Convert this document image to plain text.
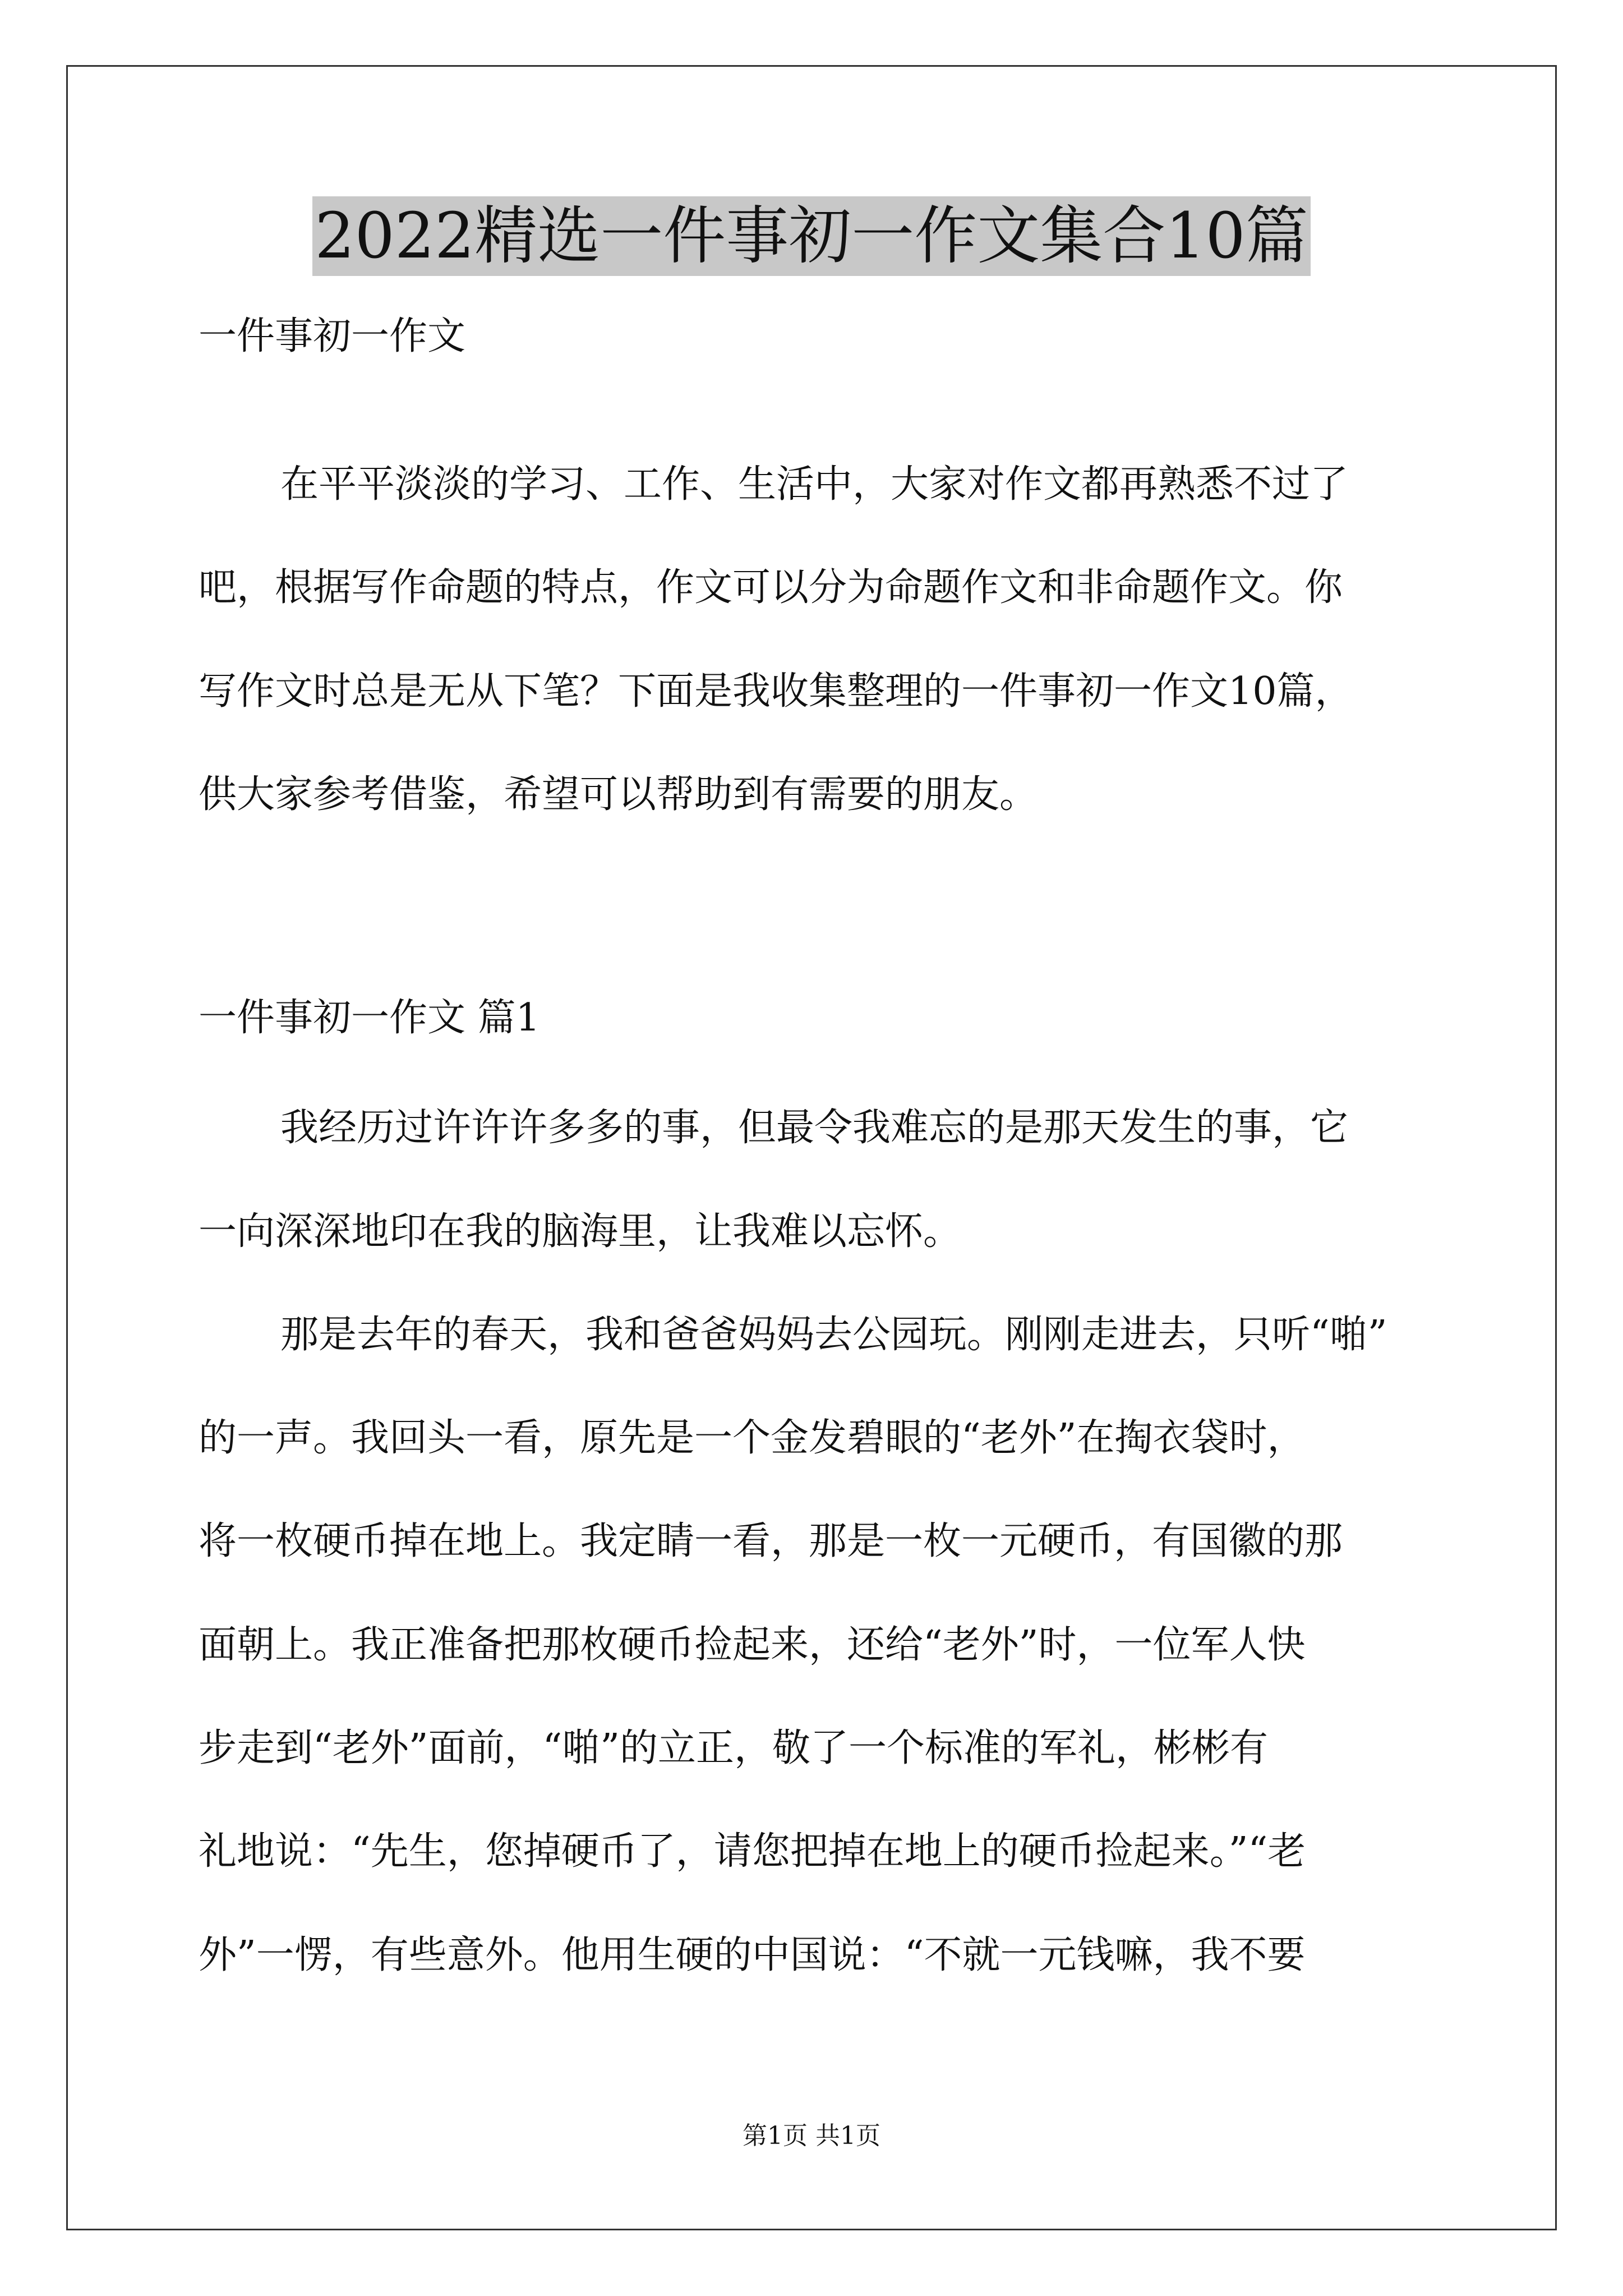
2022精选一件事初一作文集合10篇
一件事初一作文
在平平淡淡的学习、工作、生活中，大家对作文都再熟悉不过了
吧，根据写作命题的特点，作文可以分为命题作文和非命题作文。你
写作文时总是无从下笔？下面是我收集整理的一件事初一作文10篇，
供大家参考借鉴，希望可以帮助到有需要的朋友。
一件事初一作文 篇1
我经历过许许许多多的事，但最令我难忘的是那天发生的事，它
一向深深地印在我的脑海里，让我难以忘怀。
那是去年的春天，我和爸爸妈妈去公园玩。刚刚走进去，只听“啪”
的一声。我回头一看，原先是一个金发碧眼的“老外”在掏衣袋时，
将一枚硬币掉在地上。我定睛一看，那是一枚一元硬币，有国徽的那
面朝上。我正准备把那枚硬币捡起来，还给“老外”时，一位军人快
步走到“老外”面前，“啪”的立正，敬了一个标准的军礼，彬彬有
礼地说：“先生，您掉硬币了，请您把掉在地上的硬币捡起来。”“老
外”一愣，有些意外。他用生硬的中国说：“不就一元钱嘛，我不要
第1页 共1页
